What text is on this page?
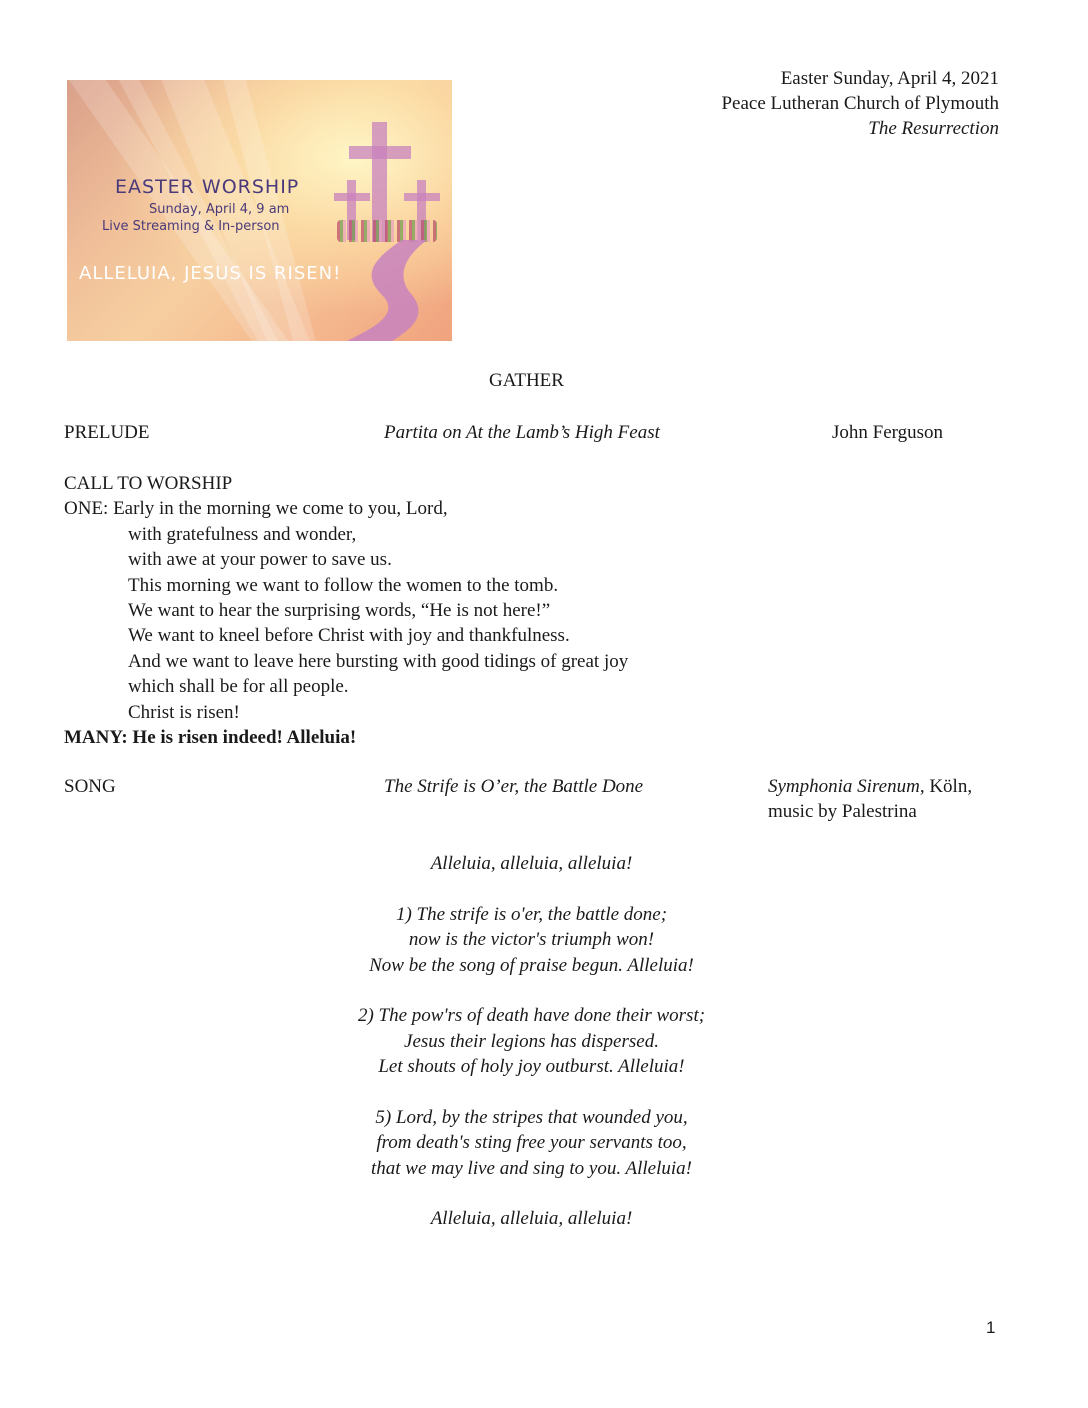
Easter Sunday, April 4, 2021
Peace Lutheran Church of Plymouth
The Resurrection
EASTER WORSHIP
Sunday, April 4, 9 am
Live Streaming & In-person
ALLELUIA, JESUS IS RISEN!
GATHER
PRELUDE	Partita on At the Lamb’s High Feast	John Ferguson
CALL TO WORSHIP
ONE: Early in the morning we come to you, Lord,
with gratefulness and wonder,
with awe at your power to save us.
This morning we want to follow the women to the tomb.
We want to hear the surprising words, “He is not here!”
We want to kneel before Christ with joy and thankfulness.
And we want to leave here bursting with good tidings of great joy
which shall be for all people.
Christ is risen!
MANY: He is risen indeed! Alleluia!
SONG	The Strife is O’er, the Battle Done	Symphonia Sirenum, Köln,
music by Palestrina
Alleluia, alleluia, alleluia!
1) The strife is o'er, the battle done;
now is the victor's triumph won!
Now be the song of praise begun. Alleluia!
2) The pow'rs of death have done their worst;
Jesus their legions has dispersed.
Let shouts of holy joy outburst. Alleluia!
5) Lord, by the stripes that wounded you,
from death's sting free your servants too,
that we may live and sing to you. Alleluia!
Alleluia, alleluia, alleluia!
1
